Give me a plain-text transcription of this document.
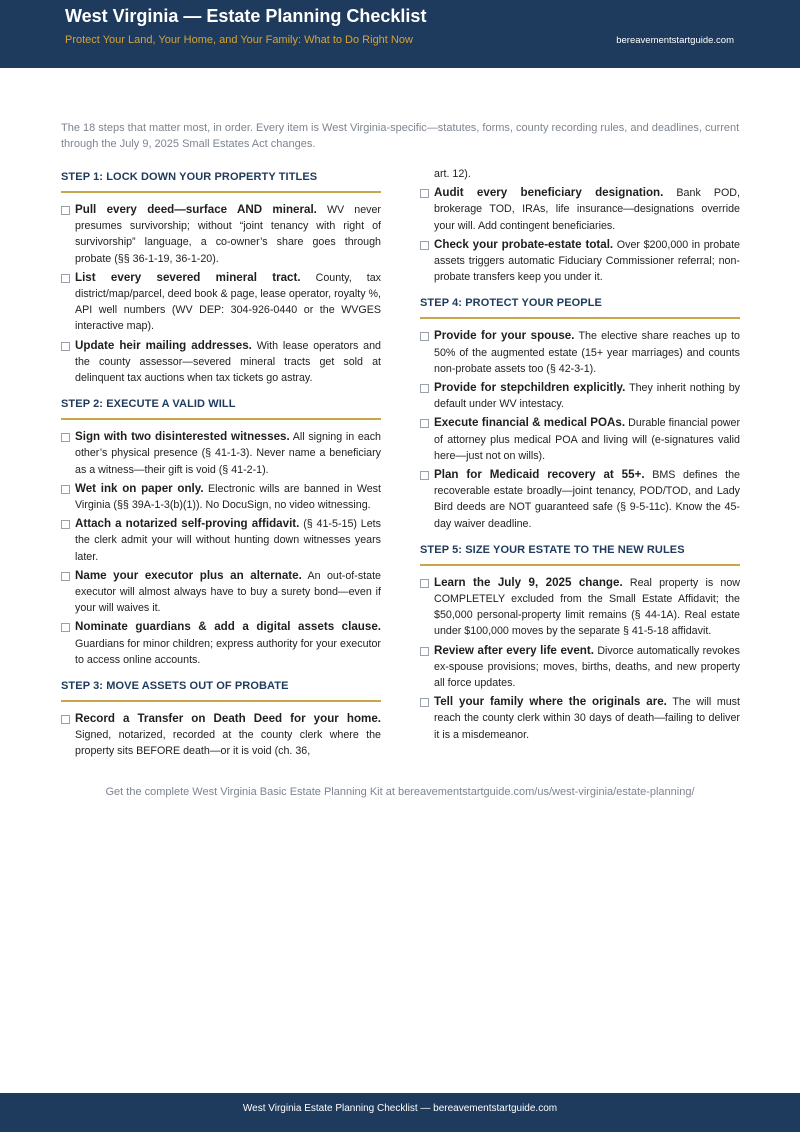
West Virginia — Estate Planning Checklist
Protect Your Land, Your Home, and Your Family: What to Do Right Now	bereavementstartguide.com
The 18 steps that matter most, in order. Every item is West Virginia-specific—statutes, forms, county recording rules, and deadlines, current through the July 9, 2025 Small Estates Act changes.
STEP 1: LOCK DOWN YOUR PROPERTY TITLES
Pull every deed—surface AND mineral. WV never presumes survivorship; without “joint tenancy with right of survivorship” language, a co-owner’s share goes through probate (§§ 36-1-19, 36-1-20).
List every severed mineral tract. County, tax district/map/parcel, deed book & page, lease operator, royalty %, API well numbers (WV DEP: 304-926-0440 or the WVGES interactive map).
Update heir mailing addresses. With lease operators and the county assessor—severed mineral tracts get sold at delinquent tax auctions when tax tickets go astray.
STEP 2: EXECUTE A VALID WILL
Sign with two disinterested witnesses. All signing in each other’s physical presence (§ 41-1-3). Never name a beneficiary as a witness—their gift is void (§ 41-2-1).
Wet ink on paper only. Electronic wills are banned in West Virginia (§§ 39A-1-3(b)(1)). No DocuSign, no video witnessing.
Attach a notarized self-proving affidavit. (§ 41-5-15) Lets the clerk admit your will without hunting down witnesses years later.
Name your executor plus an alternate. An out-of-state executor will almost always have to buy a surety bond—even if your will waives it.
Nominate guardians & add a digital assets clause. Guardians for minor children; express authority for your executor to access online accounts.
STEP 3: MOVE ASSETS OUT OF PROBATE
Record a Transfer on Death Deed for your home. Signed, notarized, recorded at the county clerk where the property sits BEFORE death—or it is void (ch. 36,
art. 12).
Audit every beneficiary designation. Bank POD, brokerage TOD, IRAs, life insurance—designations override your will. Add contingent beneficiaries.
Check your probate-estate total. Over $200,000 in probate assets triggers automatic Fiduciary Commissioner referral; non-probate transfers keep you under it.
STEP 4: PROTECT YOUR PEOPLE
Provide for your spouse. The elective share reaches up to 50% of the augmented estate (15+ year marriages) and counts non-probate assets too (§ 42-3-1).
Provide for stepchildren explicitly. They inherit nothing by default under WV intestacy.
Execute financial & medical POAs. Durable financial power of attorney plus medical POA and living will (e-signatures valid here—just not on wills).
Plan for Medicaid recovery at 55+. BMS defines the recoverable estate broadly—joint tenancy, POD/TOD, and Lady Bird deeds are NOT guaranteed safe (§ 9-5-11c). Know the 45-day waiver deadline.
STEP 5: SIZE YOUR ESTATE TO THE NEW RULES
Learn the July 9, 2025 change. Real property is now COMPLETELY excluded from the Small Estate Affidavit; the $50,000 personal-property limit remains (§ 44-1A). Real estate under $100,000 moves by the separate § 41-5-18 affidavit.
Review after every life event. Divorce automatically revokes ex-spouse provisions; moves, births, deaths, and new property all force updates.
Tell your family where the originals are. The will must reach the county clerk within 30 days of death—failing to deliver it is a misdemeanor.
Get the complete West Virginia Basic Estate Planning Kit at bereavementstartguide.com/us/west-virginia/estate-planning/
West Virginia Estate Planning Checklist — bereavementstartguide.com
